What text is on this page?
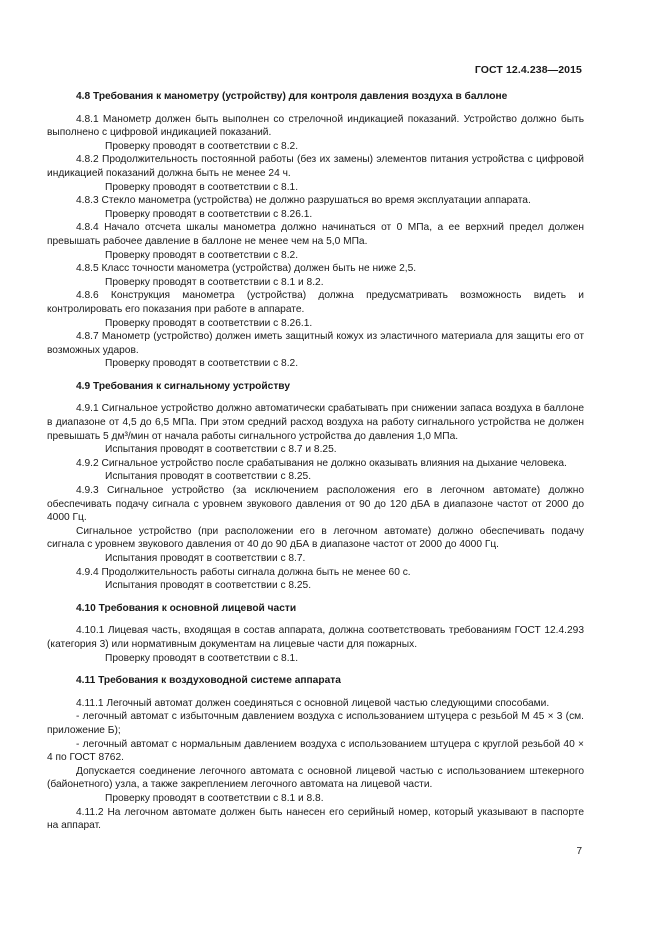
ГОСТ 12.4.238—2015

4.8 Требования к манометру (устройству) для контроля давления воздуха в баллоне

4.8.1 Манометр должен быть выполнен со стрелочной индикацией показаний. Устройство должно быть выполнено с цифровой индикацией показаний.

Проверку проводят в соответствии с 8.2.

4.8.2 Продолжительность постоянной работы (без их замены) элементов питания устройства с цифровой индикацией показаний должна быть не менее 24 ч.

Проверку проводят в соответствии с 8.1.

4.8.3 Стекло манометра (устройства) не должно разрушаться во время эксплуатации аппарата.

Проверку проводят в соответствии с 8.26.1.

4.8.4 Начало отсчета шкалы манометра должно начинаться от 0 МПа, а ее верхний предел должен превышать рабочее давление в баллоне не менее чем на 5,0 МПа.

Проверку проводят в соответствии с 8.2.

4.8.5 Класс точности манометра (устройства) должен быть не ниже 2,5.

Проверку проводят в соответствии с 8.1 и 8.2.

4.8.6 Конструкция манометра (устройства) должна предусматривать возможность видеть и контролировать его показания при работе в аппарате.

Проверку проводят в соответствии с 8.26.1.

4.8.7 Манометр (устройство) должен иметь защитный кожух из эластичного материала для защиты его от возможных ударов.

Проверку проводят в соответствии с 8.2.

4.9 Требования к сигнальному устройству

4.9.1 Сигнальное устройство должно автоматически срабатывать при снижении запаса воздуха в баллоне в диапазоне от 4,5 до 6,5 МПа. При этом средний расход воздуха на работу сигнального устройства не должен превышать 5 дм³/мин от начала работы сигнального устройства до давления 1,0 МПа.

Испытания проводят в соответствии с 8.7 и 8.25.

4.9.2 Сигнальное устройство после срабатывания не должно оказывать влияния на дыхание человека.

Испытания проводят в соответствии с 8.25.

4.9.3 Сигнальное устройство (за исключением расположения его в легочном автомате) должно обеспечивать подачу сигнала с уровнем звукового давления от 90 до 120 дБА в диапазоне частот от 2000 до 4000 Гц.

Сигнальное устройство (при расположении его в легочном автомате) должно обеспечивать подачу сигнала с уровнем звукового давления от 40 до 90 дБА в диапазоне частот от 2000 до 4000 Гц.

Испытания проводят в соответствии с 8.7.

4.9.4 Продолжительность работы сигнала должна быть не менее 60 с.

Испытания проводят в соответствии с 8.25.

4.10 Требования к основной лицевой части

4.10.1 Лицевая часть, входящая в состав аппарата, должна соответствовать требованиям ГОСТ 12.4.293 (категория 3) или нормативным документам на лицевые части для пожарных.

Проверку проводят в соответствии с 8.1.

4.11 Требования к воздуховодной системе аппарата

4.11.1 Легочный автомат должен соединяться с основной лицевой частью следующими способами.

- легочный автомат с избыточным давлением воздуха с использованием штуцера с резьбой М 45 × 3 (см. приложение Б);

- легочный автомат с нормальным давлением воздуха с использованием штуцера с круглой резьбой 40 × 4 по ГОСТ 8762.

Допускается соединение легочного автомата с основной лицевой частью с использованием штекерного (байонетного) узла, а также закреплением легочного автомата на лицевой части.

Проверку проводят в соответствии с 8.1 и 8.8.

4.11.2 На легочном автомате должен быть нанесен его серийный номер, который указывают в паспорте на аппарат.

7
